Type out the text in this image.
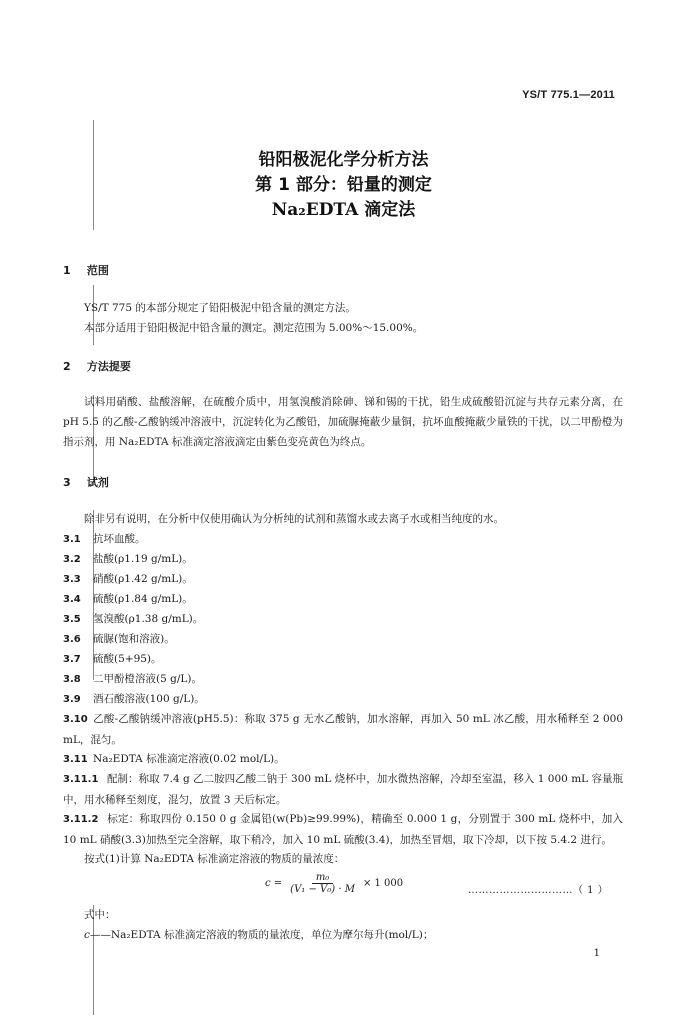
YS/T 775.1—2011
铅阳极泥化学分析方法
第 1 部分：铅量的测定
Na₂EDTA 滴定法
1 范围
YS/T 775 的本部分规定了铅阳极泥中铅含量的测定方法。
本部分适用于铅阳极泥中铅含量的测定。测定范围为 5.00%～15.00%。
2 方法提要
试料用硝酸、盐酸溶解，在硫酸介质中，用氢溴酸消除砷、锑和锡的干扰，铅生成硫酸铅沉淀与共存元素分离，在 pH 5.5 的乙酸-乙酸钠缓冲溶液中，沉淀转化为乙酸铅，加硫脲掩蔽少量铜，抗坏血酸掩蔽少量铁的干扰，以二甲酚橙为指示剂，用 Na₂EDTA 标准滴定溶液滴定由紫色变亮黄色为终点。
3 试剂
除非另有说明，在分析中仅使用确认为分析纯的试剂和蒸馏水或去离子水或相当纯度的水。
3.1 抗坏血酸。
3.2 盐酸(ρ1.19 g/mL)。
3.3 硝酸(ρ1.42 g/mL)。
3.4 硫酸(ρ1.84 g/mL)。
3.5 氢溴酸(ρ1.38 g/mL)。
3.6 硫脲(饱和溶液)。
3.7 硫酸(5+95)。
3.8 二甲酚橙溶液(5 g/L)。
3.9 酒石酸溶液(100 g/L)。
3.10 乙酸-乙酸钠缓冲溶液(pH5.5)：称取 375 g 无水乙酸钠，加水溶解，再加入 50 mL 冰乙酸，用水稀释至 2 000 mL，混匀。
3.11 Na₂EDTA 标准滴定溶液(0.02 mol/L)。
3.11.1 配制：称取 7.4 g 乙二胺四乙酸二钠于 300 mL 烧杯中，加水微热溶解，冷却至室温，移入 1 000 mL 容量瓶中，用水稀释至刻度，混匀，放置 3 天后标定。
3.11.2 标定：称取四份 0.150 0 g 金属铅(w(Pb)≥99.99%)，精确至 0.000 1 g，分别置于 300 mL 烧杯中，加入 10 mL 硝酸(3.3)加热至完全溶解，取下稍冷，加入 10 mL 硫酸(3.4)，加热至冒烟，取下冷却，以下按 5.4.2 进行。
按式(1)计算 Na₂EDTA 标准滴定溶液的物质的量浓度：
$c = \frac{\text{m₀}}{\text{(V₁ − V₀) · M}} \times 1$ 000
…………………………（ 1 ）
式中：
c——Na₂EDTA 标准滴定溶液的物质的量浓度，单位为摩尔每升(mol/L)；
1
